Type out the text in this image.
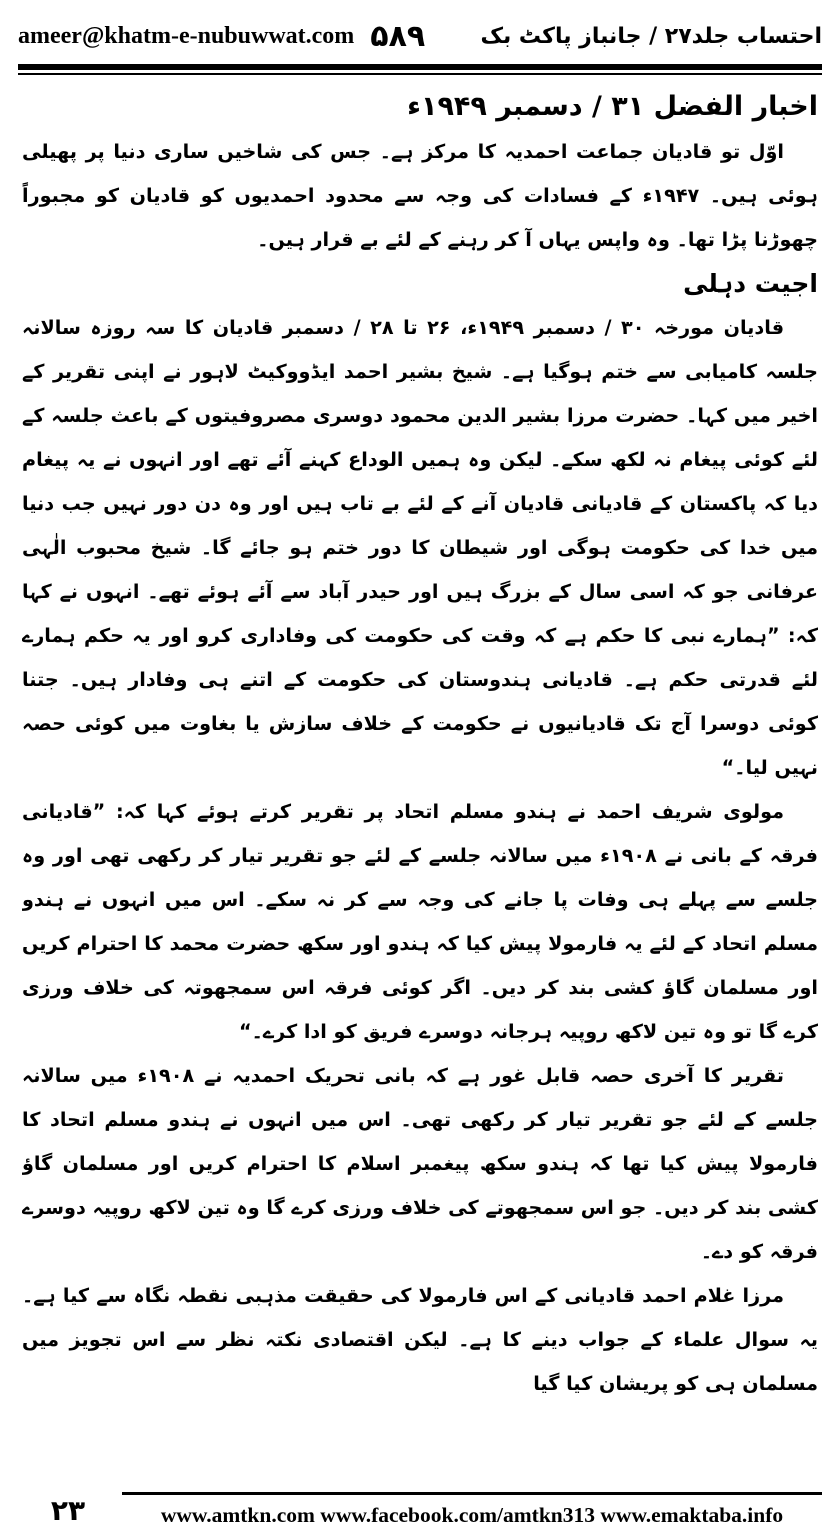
ameer@khatm-e-nubuwwat.com ۵۸۹	احتساب جلد۲۷ / جانباز پاکٹ بک
اخبار الفضل ۳۱ / دسمبر ۱۹۴۹ء

اوّل تو قادیان جماعت احمدیہ کا مرکز ہے۔ جس کی شاخیں ساری دنیا پر پھیلی ہوئی ہیں۔ ۱۹۴۷ء کے فسادات کی وجہ سے محدود احمدیوں کو قادیان کو مجبوراً چھوڑنا پڑا تھا۔ وہ واپس یہاں آ کر رہنے کے لئے بے قرار ہیں۔

اجیت دہلی

قادیان مورخہ ۳۰ / دسمبر ۱۹۴۹ء، ۲۶ تا ۲۸ / دسمبر قادیان کا سہ روزہ سالانہ جلسہ کامیابی سے ختم ہوگیا ہے۔ شیخ بشیر احمد ایڈووکیٹ لاہور نے اپنی تقریر کے اخیر میں کہا۔ حضرت مرزا بشیر الدین محمود دوسری مصروفیتوں کے باعث جلسہ کے لئے کوئی پیغام نہ لکھ سکے۔ لیکن وہ ہمیں الوداع کہنے آئے تھے اور انہوں نے یہ پیغام دیا کہ پاکستان کے قادیانی قادیان آنے کے لئے بے تاب ہیں اور وہ دن دور نہیں جب دنیا میں خدا کی حکومت ہوگی اور شیطان کا دور ختم ہو جائے گا۔ شیخ محبوب الٰہی عرفانی جو کہ اسی سال کے بزرگ ہیں اور حیدر آباد سے آئے ہوئے تھے۔ انہوں نے کہا کہ: ”ہمارے نبی کا حکم ہے کہ وقت کی حکومت کی وفاداری کرو اور یہ حکم ہمارے لئے قدرتی حکم ہے۔ قادیانی ہندوستان کی حکومت کے اتنے ہی وفادار ہیں۔ جتنا کوئی دوسرا آج تک قادیانیوں نے حکومت کے خلاف سازش یا بغاوت میں کوئی حصہ نہیں لیا۔“

مولوی شریف احمد نے ہندو مسلم اتحاد پر تقریر کرتے ہوئے کہا کہ: ”قادیانی فرقہ کے بانی نے ۱۹۰۸ء میں سالانہ جلسے کے لئے جو تقریر تیار کر رکھی تھی اور وہ جلسے سے پہلے ہی وفات پا جانے کی وجہ سے کر نہ سکے۔ اس میں انہوں نے ہندو مسلم اتحاد کے لئے یہ فارمولا پیش کیا کہ ہندو اور سکھ حضرت محمد کا احترام کریں اور مسلمان گاؤ کشی بند کر دیں۔ اگر کوئی فرقہ اس سمجھوتہ کی خلاف ورزی کرے گا تو وہ تین لاکھ روپیہ ہرجانہ دوسرے فریق کو ادا کرے۔“

تقریر کا آخری حصہ قابل غور ہے کہ بانی تحریک احمدیہ نے ۱۹۰۸ء میں سالانہ جلسے کے لئے جو تقریر تیار کر رکھی تھی۔ اس میں انہوں نے ہندو مسلم اتحاد کا فارمولا پیش کیا تھا کہ ہندو سکھ پیغمبر اسلام کا احترام کریں اور مسلمان گاؤ کشی بند کر دیں۔ جو اس سمجھوتے کی خلاف ورزی کرے گا وہ تین لاکھ روپیہ دوسرے فرقہ کو دے۔

مرزا غلام احمد قادیانی کے اس فارمولا کی حقیقت مذہبی نقطہ نگاہ سے کیا ہے۔ یہ سوال علماء کے جواب دینے کا ہے۔ لیکن اقتصادی نکتہ نظر سے اس تجویز میں مسلمان ہی کو پریشان کیا گیا

۲۳	www.amtkn.com www.facebook.com/amtkn313 www.emaktaba.info
